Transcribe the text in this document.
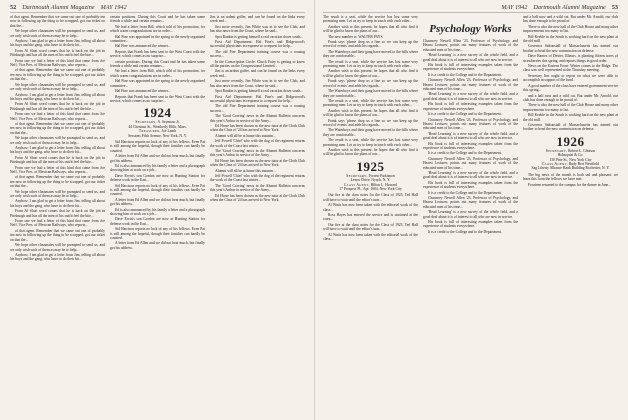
52 Dartmouth Alumni Magazine MAY 1942

of that agent. Remember that we came out one of probably ten now in following up the thing to be scrapped, got our ticket on that the...

We hope other classmates will be prompted to send us, and we only wish such of them as may be to help...

Anyhow, I am glad to get a letter from Jim, telling all about his boys and the gang, who have to do their bit...

From Al Sloat word comes that he is back on the job in Pittsburgh and has all the men of his outfit feel the bite...

From one we had a letter of this kind that came from Joe Neff, Vice Pres. of Mexican Railways, who reports...

of that agent. Remember that we came out one of probably ten now in following up the thing to be scrapped, got our ticket on that the...

We hope other classmates will be prompted to send us, and we only wish such of them as may be to help...

Anyhow, I am glad to get a letter from Jim, telling all about his boys and the gang, who have to do their bit...

From Al Sloat word comes that he is back on the job in Pittsburgh and has all the men of his outfit feel the bite...

From one we had a letter of this kind that came from Joe Neff, Vice Pres. of Mexican Railways, who reports...

of that agent. Remember that we came out one of probably ten now in following up the thing to be scrapped, got our ticket on that the...

We hope other classmates will be prompted to send us, and we only wish such of them as may be to help...

Anyhow, I am glad to get a letter from Jim, telling all about his boys and the gang, who have to do their bit...

From Al Sloat word comes that he is back on the job in Pittsburgh and has all the men of his outfit feel the bite...

From one we had a letter of this kind that came from Joe Neff, Vice Pres. of Mexican Railways, who reports...

of that agent. Remember that we came out one of probably ten now in following up the thing to be scrapped, got our ticket on that the...

We hope other classmates will be prompted to send us, and we only wish such of them as may be to help...

Anyhow, I am glad to get a letter from Jim, telling all about his boys and the gang, who have to do their bit...

From Al Sloat word comes that he is back on the job in Pittsburgh and has all the men of his outfit feel the bite...

From one we had a letter of this kind that came from Joe Neff, Vice Pres. of Mexican Railways, who reports...

of that agent. Remember that we came out one of probably ten now in following up the thing to be scrapped, got our ticket on that the...

We hope other classmates will be prompted to send us, and we only wish such of them as may be to help...

Anyhow, I am glad to get a letter from Jim, telling all about his boys and the gang, who have to do their bit...

certain positions. During this Court and he has taken some friends a while and certain remains...

We had a letter from Bill, which told of his promotion, for which warm congratulations are in order...

Hal Fine was appointed in the spring to the newly organized committee...

Hal Fine was announced the winner...

Reports that Frank has been sent to the West Coast with the service, which comes as no surprise...

certain positions. During this Court and he has taken some friends a while and certain remains...

We had a letter from Bill, which told of his promotion, for which warm congratulations are in order...

Hal Fine was appointed in the spring to the newly organized committee...

Hal Fine was announced the winner...

Reports that Frank has been sent to the West Coast with the service, which comes as no surprise...

1924
Secretary, A. Seymour Jr.
44 Chestnut St., Weatherly Hills, Mass.
Treasurer, Joe Lamb
Sessions Fifth Avenue, New York, N. Y.

Sid Harrison reports no luck of any of his fellows. Even Pat is still among the hopeful, though their families can hardly be counted.

A letter from Ed Allen and we did not hear much, but finally got his address.

Ed is also announced by his family a letter and a photograph showing him at work on a job...

Dave Ervin's son Gordon are now at Hunting Station for defense work in the East...

Sid Harrison reports no luck of any of his fellows. Even Pat is still among the hopeful, though their families can hardly be counted.

A letter from Ed Allen and we did not hear much, but finally got his address.

Ed is also announced by his family a letter and a photograph showing him at work on a job...

Dave Ervin's son Gordon are now at Hunting Station for defense work in the East...

Sid Harrison reports no luck of any of his fellows. Even Pat is still among the hopeful, though their families can hardly be counted.

A letter from Ed Allen and we did not hear much, but finally got his address.

Jim is an ardent golfer, and can be found on the links every week end...

Just more recently, Jim White was in to see the Club, and has also news from the Coast, where he said...

Spot Rankin is getting himself a real vacation down south...

First Aid Department: Hal Fine's and Ridgewood's successful physicians in response to a request for help...

The old Fire Department training course was a rousing success...

In the Conscription Circle: Chuck Fairy is getting to know all the parties on the Congressional Limited...

Jim is an ardent golfer, and can be found on the links every week end...

Just more recently, Jim White was in to see the Club, and has also news from the Coast, where he said...

Spot Rankin is getting himself a real vacation down south...

First Aid Department: Hal Fine's and Ridgewood's successful physicians in response to a request for help...

The old Fire Department training course was a rousing success...

The 'Good Craving' news in the Alumni Bulletin concerns this year's Arthur in service of the Army...

Ed Horse has been chosen as the new tutor at the Cloth Club when the Class of '24 has arrived to New York.

Alumni will all be at home this autumn...

Jeff Powell 'Chief' who with the dog of the regiment returns the work of the Coast last winter...

The 'Good Craving' news in the Alumni Bulletin concerns this year's Arthur in service of the Army...

Ed Horse has been chosen as the new tutor at the Cloth Club when the Class of '24 has arrived to New York.

Alumni will all be at home this autumn...

Jeff Powell 'Chief' who with the dog of the regiment returns the work of the Coast last winter...

The 'Good Craving' news in the Alumni Bulletin concerns this year's Arthur in service of the Army...

Ed Horse has been chosen as the new tutor at the Cloth Club when the Class of '24 has arrived to New York.

MAY 1942 Dartmouth Alumni Magazine 53

The result is a seat, while the service has lost some very promising men. Let us try to keep in touch with each other...

Another wish to this present: he hopes that all who find it will be glad to know the plans of our...

The new number is: WALTER PAYS.

Frank says 'please drop us a line so we can keep up the record of events' and adds his regards...

The Waterboys and their gang have moved to the hills where they are comfortable...

The result is a seat, while the service has lost some very promising men. Let us try to keep in touch with each other...

Another wish to this present: he hopes that all who find it will be glad to know the plans of our...

Frank says 'please drop us a line so we can keep up the record of events' and adds his regards...

The Waterboys and their gang have moved to the hills where they are comfortable...

The result is a seat, while the service has lost some very promising men. Let us try to keep in touch with each other...

Another wish to this present: he hopes that all who find it will be glad to know the plans of our...

Frank says 'please drop us a line so we can keep up the record of events' and adds his regards...

The Waterboys and their gang have moved to the hills where they are comfortable...

The result is a seat, while the service has lost some very promising men. Let us try to keep in touch with each other...

Another wish to this present: he hopes that all who find it will be glad to know the plans of our...

1925
Secretary, Forrest Parkinson
Lenox Drive, Nyack, N. Y.
Class Agent, Hilton L. Howard
17 Prospect Pl., Apt. 1604, New York City

Our fire at the class notes for the Class of 1925, Ted Hall will have to wait until the editor's turn...

Al Watts has now been taken with the editorial work of the class...

Ross Hayes has entered the service and is stationed at the coast...

Our fire at the class notes for the Class of 1925, Ted Hall will have to wait until the editor's turn...

Al Watts has now been taken with the editorial work of the class...

Psychology Works

Chauncey Newell Allen '23, Professor of Psychology, and Hearst Lecturer, points out many features of work of the educated men of his time...

'Head Learning' is a new survey of the whole field, and a good deal about it is of interest to all who are now in service.

His book is full of interesting examples taken from the experience of students everywhere.

It is a credit to the College and to the Department.

Chauncey Newell Allen '23, Professor of Psychology, and Hearst Lecturer, points out many features of work of the educated men of his time...

'Head Learning' is a new survey of the whole field, and a good deal about it is of interest to all who are now in service.

His book is full of interesting examples taken from the experience of students everywhere.

It is a credit to the College and to the Department.

Chauncey Newell Allen '23, Professor of Psychology, and Hearst Lecturer, points out many features of work of the educated men of his time...

'Head Learning' is a new survey of the whole field, and a good deal about it is of interest to all who are now in service.

His book is full of interesting examples taken from the experience of students everywhere.

It is a credit to the College and to the Department.

Chauncey Newell Allen '23, Professor of Psychology, and Hearst Lecturer, points out many features of work of the educated men of his time...

'Head Learning' is a new survey of the whole field, and a good deal about it is of interest to all who are now in service.

His book is full of interesting examples taken from the experience of students everywhere.

It is a credit to the College and to the Department.

Chauncey Newell Allen '23, Professor of Psychology, and Hearst Lecturer, points out many features of work of the educated men of his time...

'Head Learning' is a new survey of the whole field, and a good deal about it is of interest to all who are now in service.

His book is full of interesting examples taken from the experience of students everywhere.

It is a credit to the College and to the Department.

and a half now and a wild cat. But under Mr. Arnold, our club has done enough to be proud of.

There is also the new hall of the Club House and many other improvements too many to list.

Bill Keeble in the South is working hard on the new plant at the old mill.

Governor Saltonstall of Massachusetts has named our brother to head the new commission on defense.

Dave Barnes of Dexter, Illinois, is planting fifteen acres of strawberries this spring, and reports things in good order.

News on the Eastern Front: Winter comes to the Ridge. The class was well represented at the Thursday meeting.

Secretary Jim ought to report on what we were able to accomplish in support of the fund.

A good number of the class have entered government service this spring...

and a half now and a wild cat. But under Mr. Arnold, our club has done enough to be proud of.

There is also the new hall of the Club House and many other improvements too many to list.

Bill Keeble in the South is working hard on the new plant at the old mill.

Governor Saltonstall of Massachusetts has named our brother to head the new commission on defense.

1926
Secretary, Robert L. Gleason
Holmquist & Co.
150 Pine St., New York City
Class Agent, Rudy Bert Westfield
Sag Liberty Alliance Bank Building Rochester, N. Y.

The big news of the month is both sad and pleasant: we learn this from the fellows we have met.

Fourteen returned to the campus for the dinner in June...
